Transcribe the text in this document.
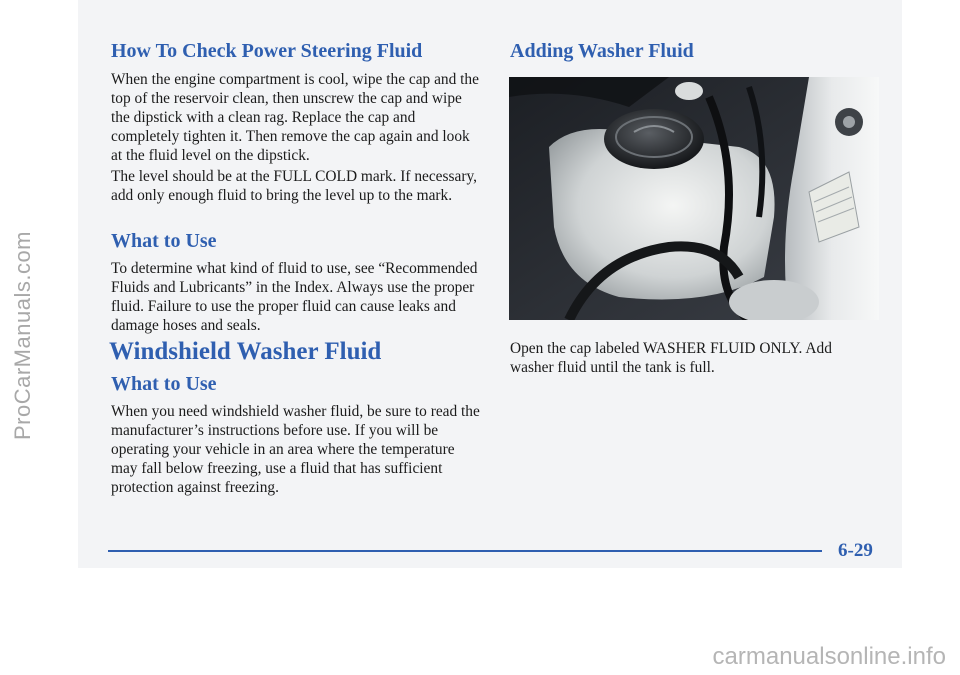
How To Check Power Steering Fluid

When the engine compartment is cool, wipe the cap and the top of the reservoir clean, then unscrew the cap and wipe the dipstick with a clean rag. Replace the cap and completely tighten it. Then remove the cap again and look at the fluid level on the dipstick.

The level should be at the FULL COLD mark. If necessary, add only enough fluid to bring the level up to the mark.

What to Use

To determine what kind of fluid to use, see “Recommended Fluids and Lubricants” in the Index. Always use the proper fluid. Failure to use the proper fluid can cause leaks and damage hoses and seals.

Windshield Washer Fluid
What to Use

When you need windshield washer fluid, be sure to read the manufacturer’s instructions before use. If you will be operating your vehicle in an area where the temperature may fall below freezing, use a fluid that has sufficient protection against freezing.

Adding Washer Fluid

Open the cap labeled WASHER FLUID ONLY. Add washer fluid until the tank is full.

6-29
ProCarManuals.com
carmanualsonline.info
